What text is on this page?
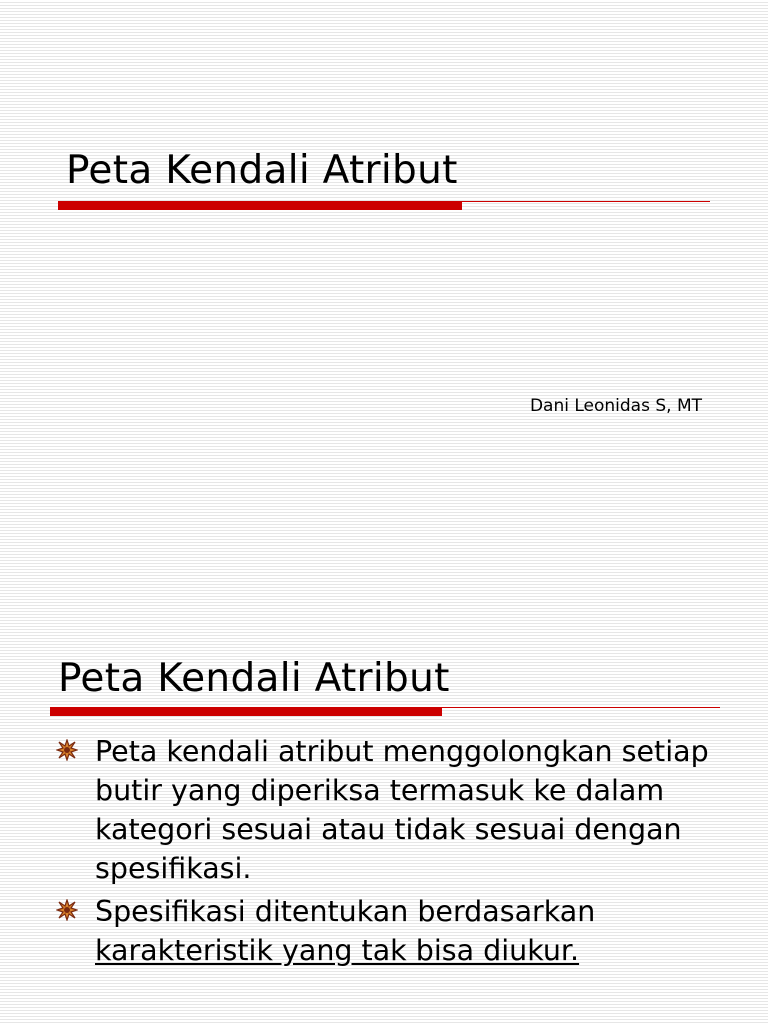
Peta Kendali Atribut
Dani Leonidas S, MT
Peta Kendali Atribut
Peta kendali atribut menggolongkan setiap butir yang diperiksa termasuk ke dalam kategori sesuai atau tidak sesuai dengan spesifikasi.
Spesifikasi ditentukan berdasarkan karakteristik yang tak bisa diukur.
